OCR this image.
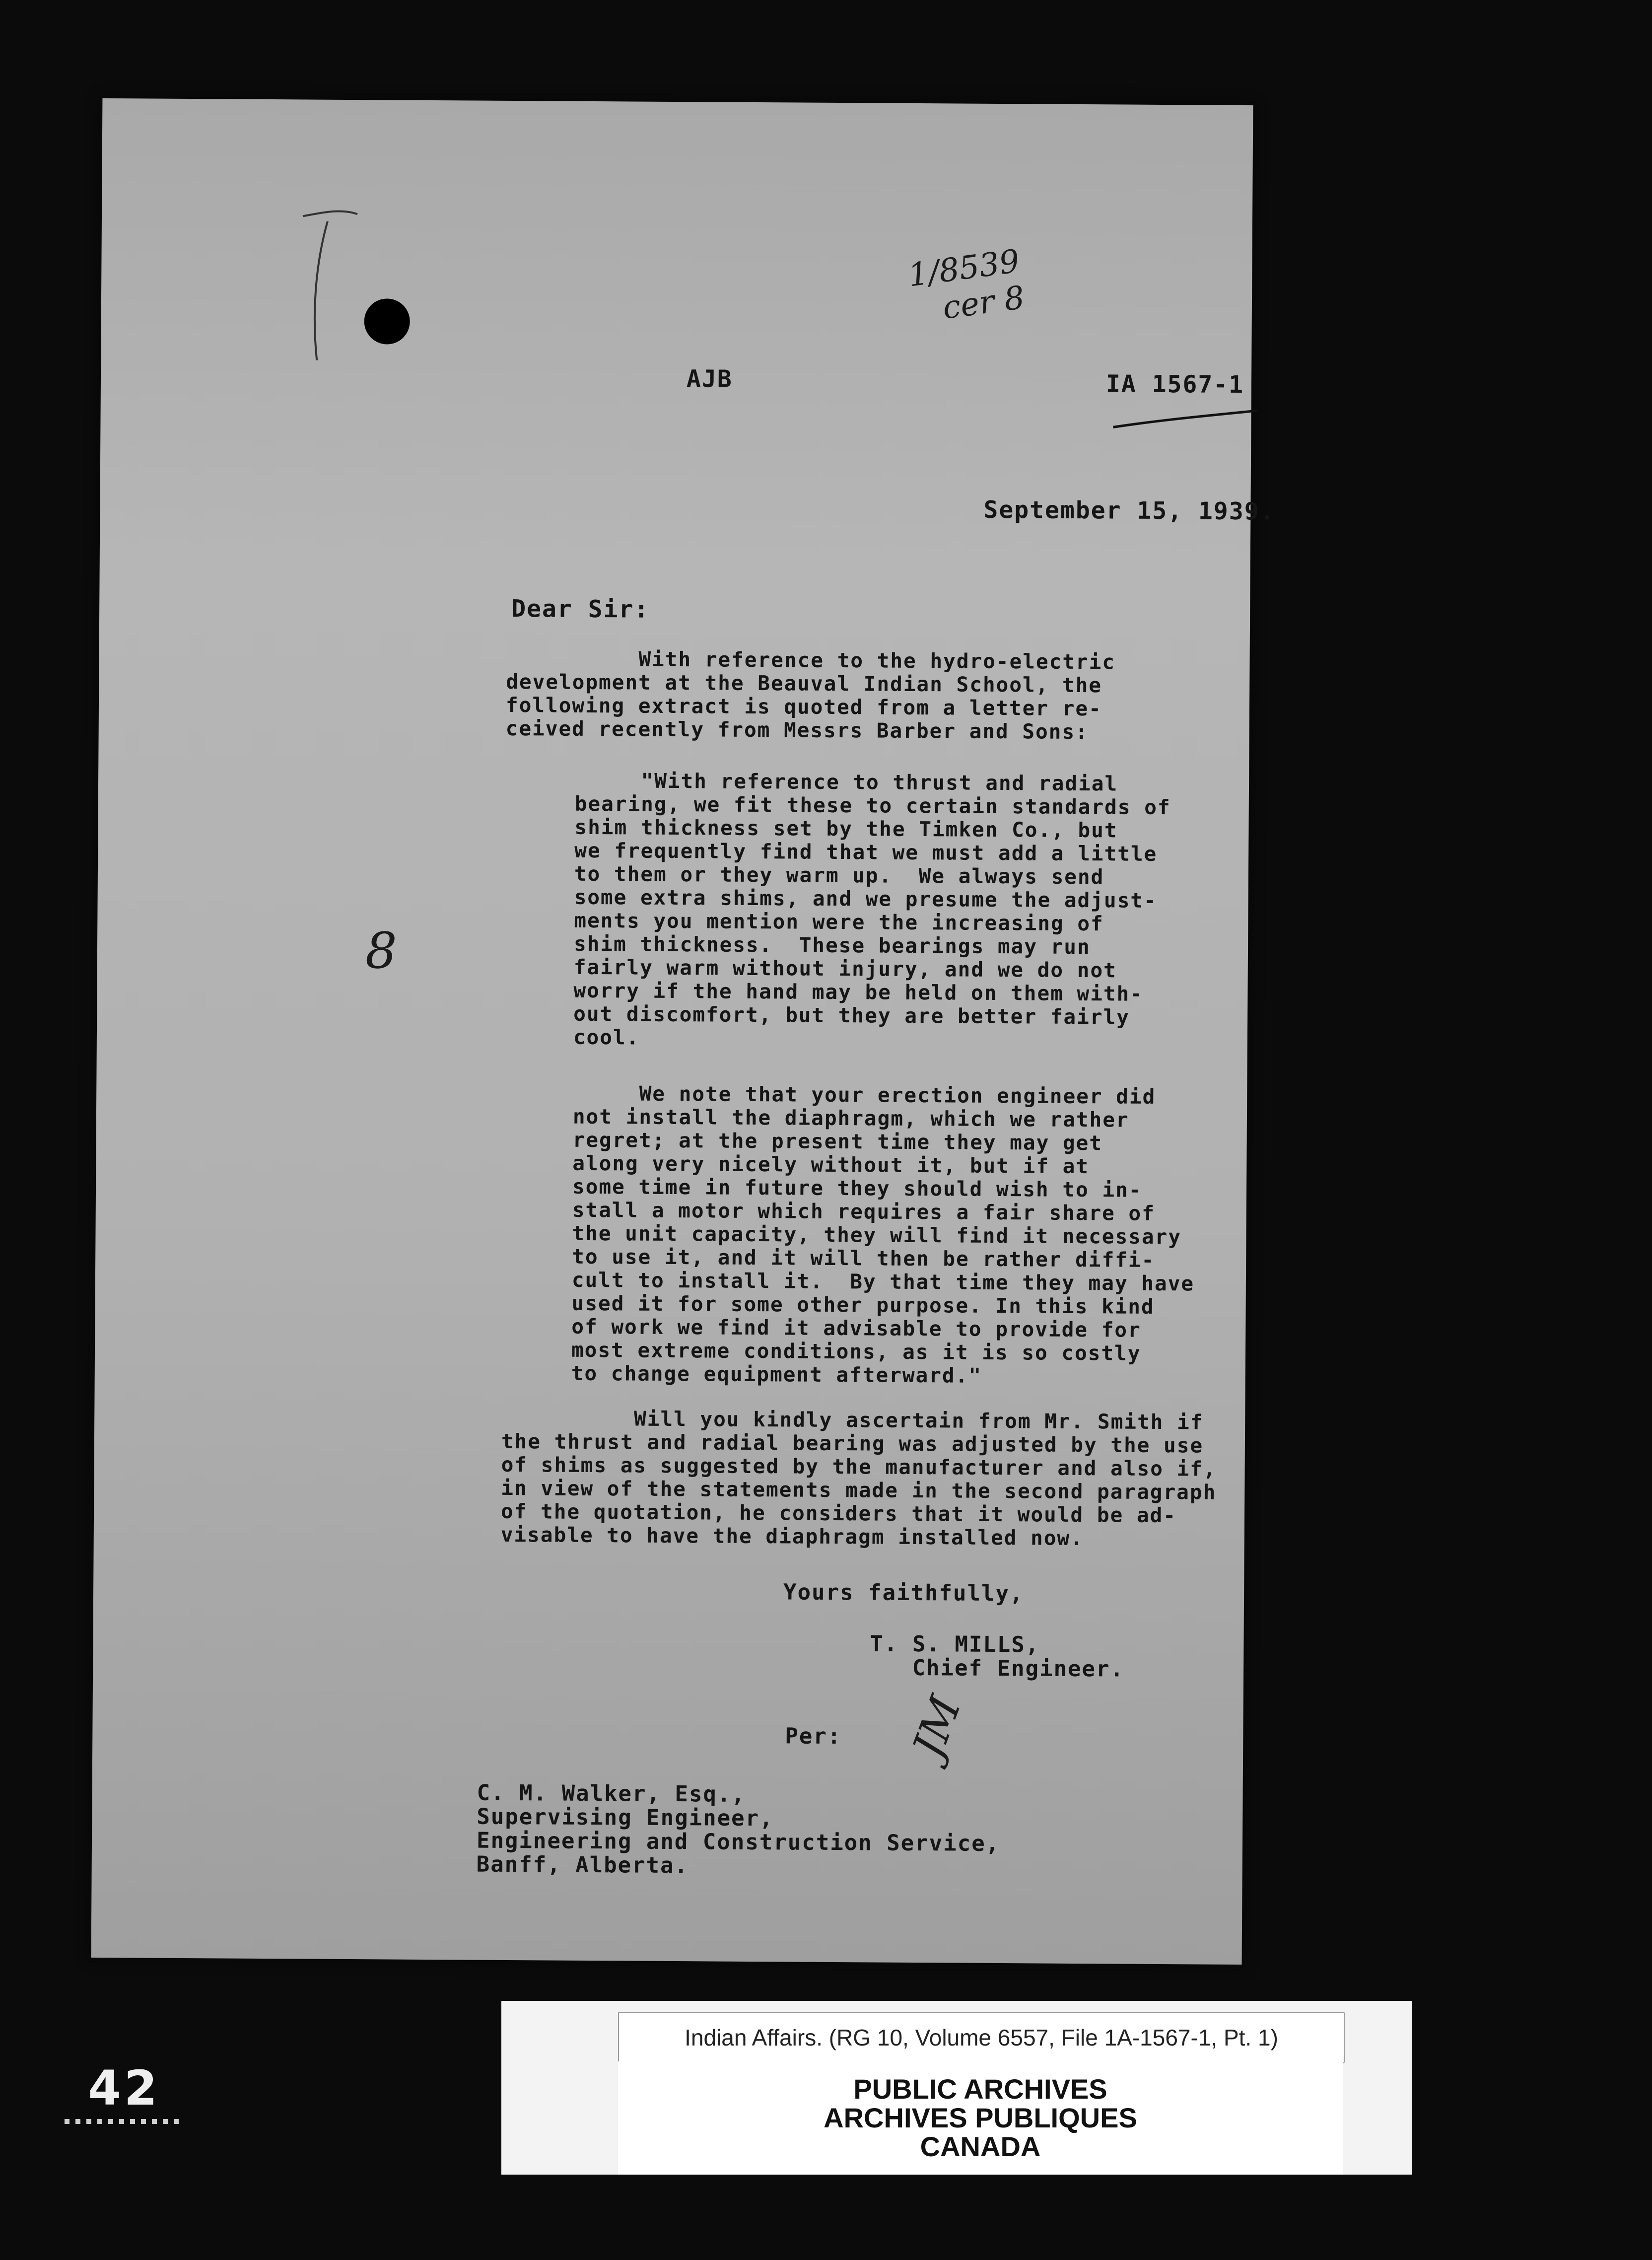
1/8539
cer 8

AJB	IA 1567-1

September 15, 1939.

Dear Sir:

With reference to the hydro-electric
development at the Beauval Indian School, the
following extract is quoted from a letter re-
ceived recently from Messrs Barber and Sons:

"With reference to thrust and radial
bearing, we fit these to certain standards of
shim thickness set by the Timken Co., but
we frequently find that we must add a little
to them or they warm up.  We always send
some extra shims, and we presume the adjust-
ments you mention were the increasing of
shim thickness.  These bearings may run
fairly warm without injury, and we do not
worry if the hand may be held on them with-
out discomfort, but they are better fairly
cool.

We note that your erection engineer did
not install the diaphragm, which we rather
regret; at the present time they may get
along very nicely without it, but if at
some time in future they should wish to in-
stall a motor which requires a fair share of
the unit capacity, they will find it necessary
to use it, and it will then be rather diffi-
cult to install it.  By that time they may have
used it for some other purpose. In this kind
of work we find it advisable to provide for
most extreme conditions, as it is so costly
to change equipment afterward."

Will you kindly ascertain from Mr. Smith if
the thrust and radial bearing was adjusted by the use
of shims as suggested by the manufacturer and also if,
in view of the statements made in the second paragraph
of the quotation, he considers that it would be ad-
visable to have the diaphragm installed now.

8

Yours faithfully,

T. S. MILLS,
Chief Engineer.

Per: JM

C. M. Walker, Esq.,
Supervising Engineer,
Engineering and Construction Service,
Banff, Alberta.

42
Indian Affairs. (RG 10, Volume 6557, File 1A-1567-1, Pt. 1)
PUBLIC ARCHIVES
ARCHIVES PUBLIQUES
CANADA
